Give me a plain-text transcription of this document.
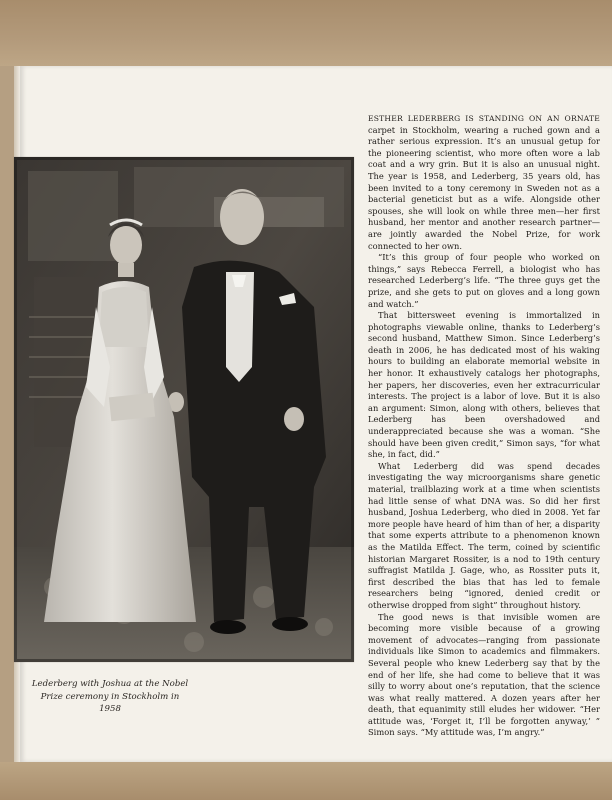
Lederberg with Joshua at the Nobel Prize ceremony in Stockholm in 1958

ESTHER LEDERBERG IS STANDING ON AN ORNATE carpet in Stockholm, wearing a ruched gown and a rather serious expression. It’s an unusual getup for the pioneering scientist, who more often wore a lab coat and a wry grin. But it is also an unusual night. The year is 1958, and Lederberg, 35 years old, has been invited to a tony ceremony in Sweden not as a bacterial geneticist but as a wife. Alongside other spouses, she will look on while three men—her first husband, her mentor and another research partner—are jointly awarded the Nobel Prize, for work connected to her own.

“It’s this group of four people who worked on things,” says Rebecca Ferrell, a biologist who has researched Lederberg’s life. “The three guys get the prize, and she gets to put on gloves and a long gown and watch.”

That bittersweet evening is immortalized in photographs viewable online, thanks to Lederberg’s second husband, Matthew Simon. Since Lederberg’s death in 2006, he has dedicated most of his waking hours to building an elaborate memorial website in her honor. It exhaustively catalogs her photographs, her papers, her discoveries, even her extracurricular interests. The project is a labor of love. But it is also an argument: Simon, along with others, believes that Lederberg has been overshadowed and underappreciated because she was a woman. “She should have been given credit,” Simon says, “for what she, in fact, did.”

What Lederberg did was spend decades investigating the way microorganisms share genetic material, trailblazing work at a time when scientists had little sense of what DNA was. So did her first husband, Joshua Lederberg, who died in 2008. Yet far more people have heard of him than of her, a disparity that some experts attribute to a phenomenon known as the Matilda Effect. The term, coined by scientific historian Margaret Rossiter, is a nod to 19th century suffragist Matilda J. Gage, who, as Rossiter puts it, first described the bias that has led to female researchers being “ignored, denied credit or otherwise dropped from sight” throughout history.

The good news is that invisible women are becoming more visible because of a growing movement of advocates—ranging from passionate individuals like Simon to academics and filmmakers. Several people who knew Lederberg say that by the end of her life, she had come to believe that it was silly to worry about one’s reputation, that the science was what really mattered. A dozen years after her death, that equanimity still eludes her widower. “Her attitude was, ‘Forget it, I’ll be forgotten anyway,’ ” Simon says. “My attitude was, I’m angry.”
